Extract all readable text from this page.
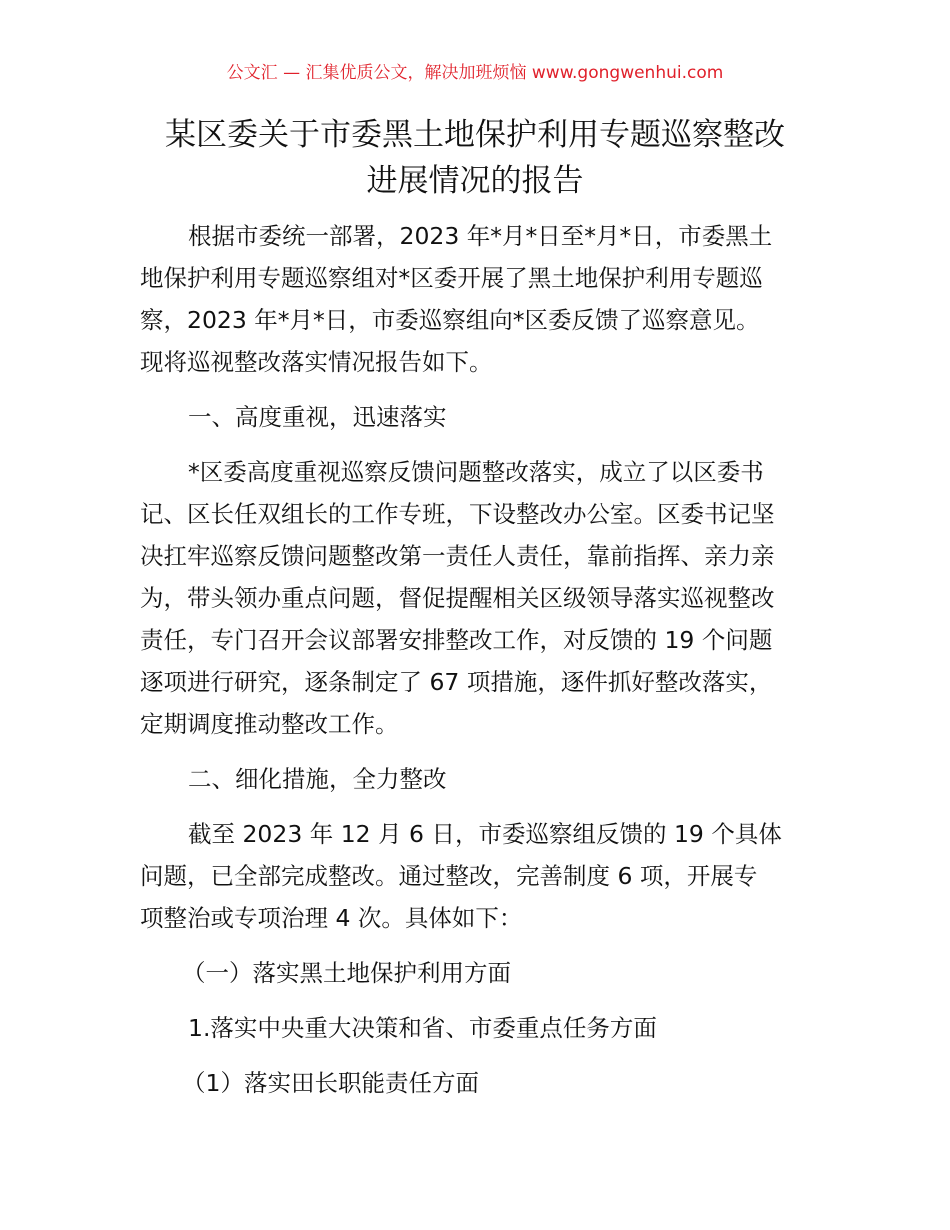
公文汇 — 汇集优质公文，解决加班烦恼 www.gongwenhui.com
某区委关于市委黑土地保护利用专题巡察整改
进展情况的报告
根据市委统一部署，2023 年*月*日至*月*日，市委黑土
地保护利用专题巡察组对*区委开展了黑土地保护利用专题巡
察，2023 年*月*日，市委巡察组向*区委反馈了巡察意见。
现将巡视整改落实情况报告如下。
一、高度重视，迅速落实
*区委高度重视巡察反馈问题整改落实，成立了以区委书
记、区长任双组长的工作专班，下设整改办公室。区委书记坚
决扛牢巡察反馈问题整改第一责任人责任，靠前指挥、亲力亲
为，带头领办重点问题，督促提醒相关区级领导落实巡视整改
责任，专门召开会议部署安排整改工作，对反馈的 19 个问题
逐项进行研究，逐条制定了 67 项措施，逐件抓好整改落实，
定期调度推动整改工作。
二、细化措施，全力整改
截至 2023 年 12 月 6 日，市委巡察组反馈的 19 个具体
问题，已全部完成整改。通过整改，完善制度 6 项，开展专
项整治或专项治理 4 次。具体如下：
（一）落实黑土地保护利用方面
1.落实中央重大决策和省、市委重点任务方面
（1）落实田长职能责任方面
